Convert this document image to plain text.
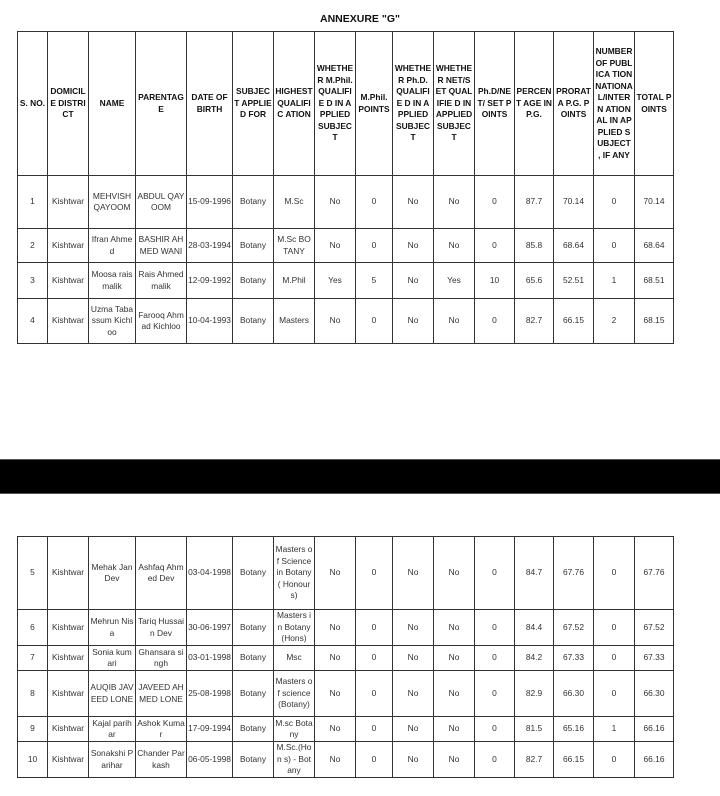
ANNEXURE "G"
S. NO.	DOMICILE DISTRICT	NAME	PARENTAG E	DATE OF BIRTH	SUBJECT APPLIED FOR	HIGHEST QUALIFIC ATION	WHETHE R M.Phil. QUALIFIE D IN APPLIED SUBJECT	M.Phil. POINTS	WHETHE R Ph.D. QUALIFIE D IN APPLIED SUBJECT	WHETHE R NET/SET QUALIFIE D IN APPLIED SUBJECT	Ph.D/NET/ SET POINTS	PERCENT AGE IN P.G.	PRORAT A P.G. POINTS	NUMBER OF PUBLICA TION NATIONA L/INTERN ATIONAL IN APPLIED SUBJECT , IF ANY	TOTAL POINTS
1	Kishtwar	MEHVISH QAYOOM	ABDUL QAYOOM	15-09-1996	Botany	M.Sc	No	0	No	No	0	87.7	70.14	0	70.14
2	Kishtwar	Ifran Ahmed	BASHIR AHMED WANI	28-03-1994	Botany	M.Sc BOTANY	No	0	No	No	0	85.8	68.64	0	68.64
3	Kishtwar	Moosa rais malik	Rais Ahmed malik	12-09-1992	Botany	M.Phil	Yes	5	No	Yes	10	65.6	52.51	1	68.51
4	Kishtwar	Uzma Tabassum Kichloo	Farooq Ahmad Kichloo	10-04-1993	Botany	Masters	No	0	No	No	0	82.7	66.15	2	68.15
5	Kishtwar	Mehak Jan Dev	Ashfaq Ahmed Dev	03-04-1998	Botany	Masters of Science in Botany ( Honours)	No	0	No	No	0	84.7	67.76	0	67.76
6	Kishtwar	Mehrun Nisa	Tariq Hussain Dev	30-06-1997	Botany	Masters in Botany (Hons)	No	0	No	No	0	84.4	67.52	0	67.52
7	Kishtwar	Sonia kumari	Ghansara singh	03-01-1998	Botany	Msc	No	0	No	No	0	84.2	67.33	0	67.33
8	Kishtwar	AUQIB JAVEED LONE	JAVEED AHMED LONE	25-08-1998	Botany	Masters of science (Botany)	No	0	No	No	0	82.9	66.30	0	66.30
9	Kishtwar	Kajal parihar	Ashok Kumar	17-09-1994	Botany	M.sc Botany	No	0	No	No	0	81.5	65.16	1	66.16
10	Kishtwar	Sonakshi Parihar	Chander Parkash	06-05-1998	Botany	M.Sc.(Hon s) - Botany	No	0	No	No	0	82.7	66.15	0	66.16
